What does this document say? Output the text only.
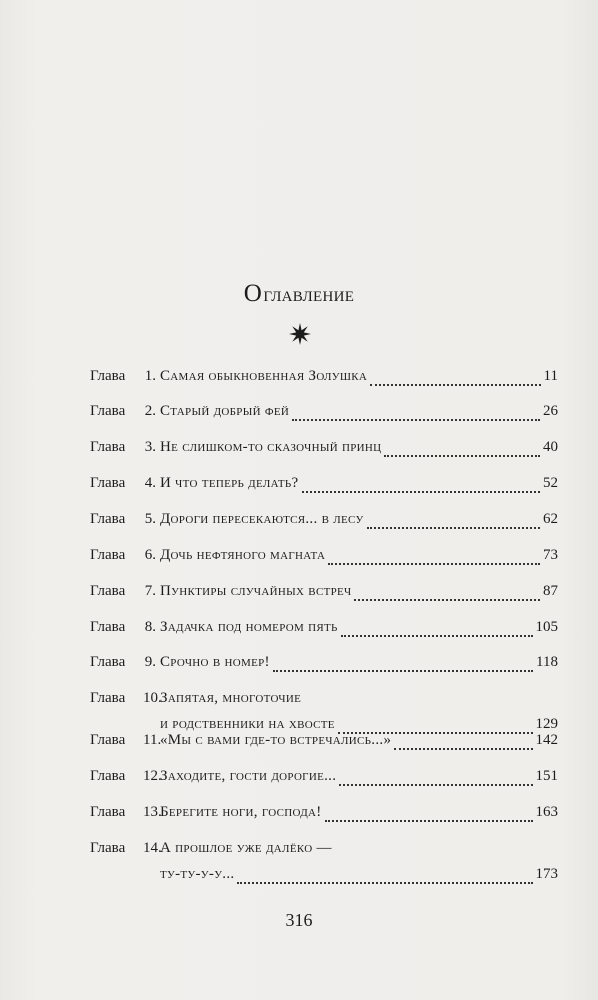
Оглавление
Глава 1. Самая обыкновенная Золушка	11
Глава 2. Старый добрый фей	26
Глава 3. Не слишком-то сказочный принц	40
Глава 4. И что теперь делать?	52
Глава 5. Дороги пересекаются... в лесу	62
Глава 6. Дочь нефтяного магната	73
Глава 7. Пунктиры случайных встреч	87
Глава 8. Задачка под номером пять	105
Глава 9. Срочно в номер!	118
Глава 10.
Запятая, многоточие
и родственники на хвосте	129
Глава 11.
«Мы с вами где-то встречались...»	142
Глава 12.
Заходите, гости дорогие...	151
Глава 13.
Берегите ноги, господа!	163
Глава 14.
А прошлое уже далёко —
ту-ту-у-у...	173
316
